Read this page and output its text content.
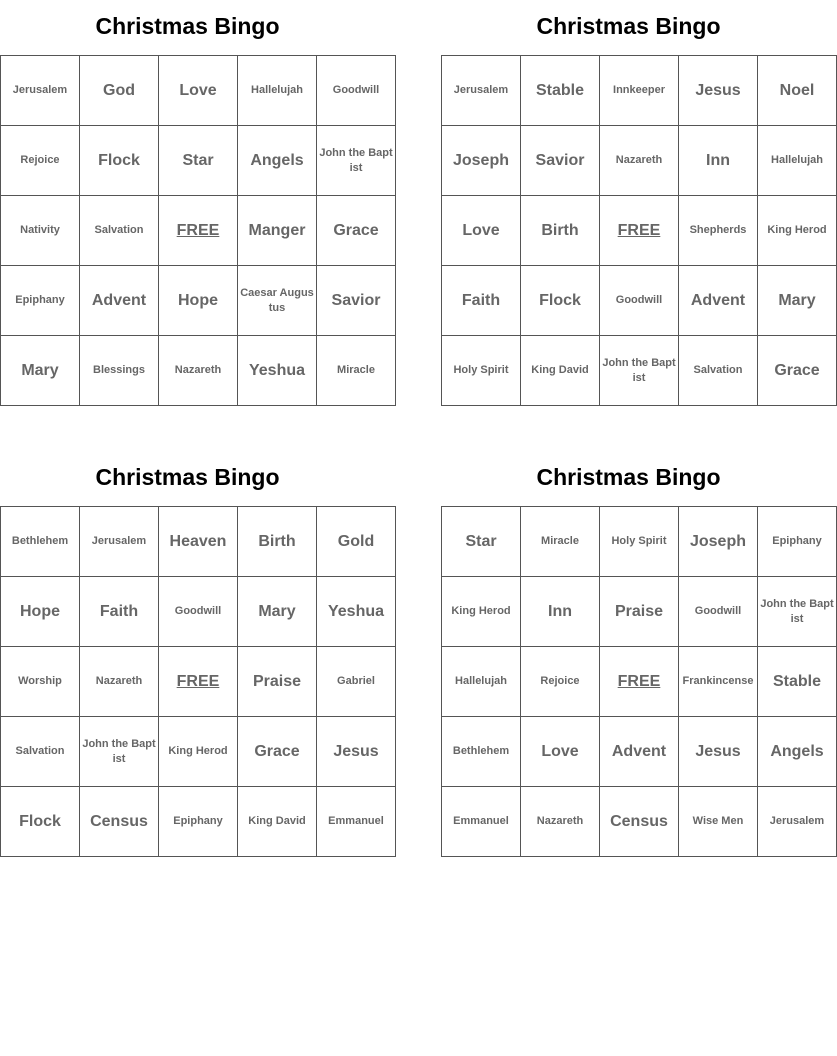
Christmas Bingo
Jerusalem	God	Love	Hallelujah	Goodwill
Rejoice	Flock	Star	Angels	John the Baptist
Nativity	Salvation	FREE	Manger	Grace
Epiphany	Advent	Hope	Caesar Augustus	Savior
Mary	Blessings	Nazareth	Yeshua	Miracle
Christmas Bingo
Jerusalem	Stable	Innkeeper	Jesus	Noel
Joseph	Savior	Nazareth	Inn	Hallelujah
Love	Birth	FREE	Shepherds	King Herod
Faith	Flock	Goodwill	Advent	Mary
Holy Spirit	King David	John the Baptist	Salvation	Grace
Christmas Bingo
Bethlehem	Jerusalem	Heaven	Birth	Gold
Hope	Faith	Goodwill	Mary	Yeshua
Worship	Nazareth	FREE	Praise	Gabriel
Salvation	John the Baptist	King Herod	Grace	Jesus
Flock	Census	Epiphany	King David	Emmanuel
Christmas Bingo
Star	Miracle	Holy Spirit	Joseph	Epiphany
King Herod	Inn	Praise	Goodwill	John the Baptist
Hallelujah	Rejoice	FREE	Frankincense	Stable
Bethlehem	Love	Advent	Jesus	Angels
Emmanuel	Nazareth	Census	Wise Men	Jerusalem
